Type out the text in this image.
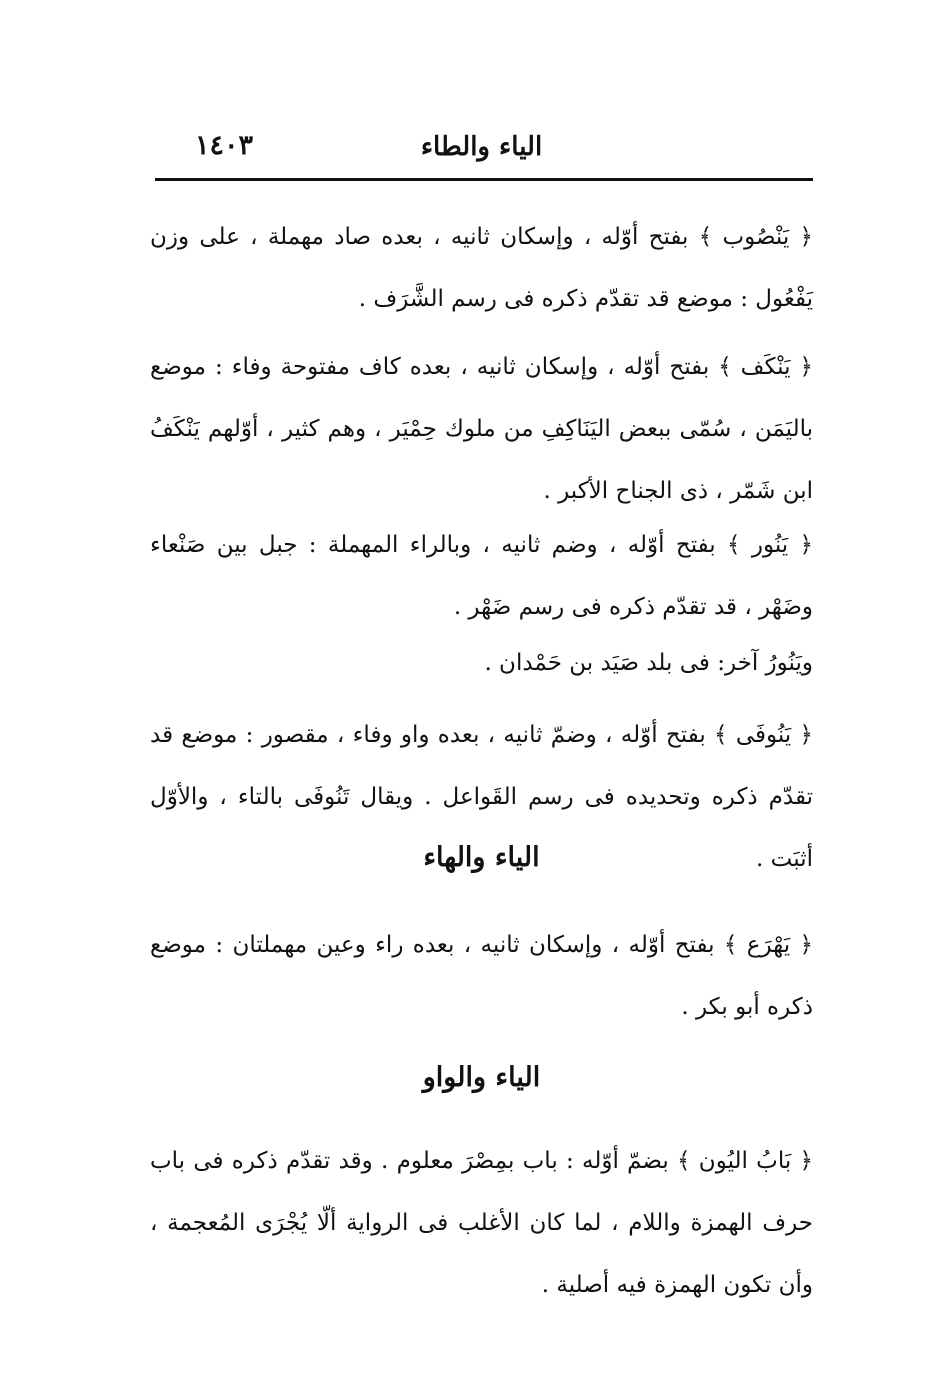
الياء والطاء
١٤٠٣

﴿ يَنْصُوب ﴾ بفتح أوّله ، وإسكان ثانيه ، بعده صاد مهملة ، على وزن يَفْعُول : موضع قد تقدّم ذكره فى رسم الشَّرَف .

﴿ يَنْكَف ﴾ بفتح أوّله ، وإسكان ثانيه ، بعده كاف مفتوحة وفاء : موضع باليَمَن ، سُمّى ببعض اليَنَاكِفِ من ملوك حِمْيَر ، وهم كثير ، أوّلهم يَنْكَفُ ابن شَمّر ، ذى الجناح الأكبر .

﴿ يَنُور ﴾ بفتح أوّله ، وضم ثانيه ، وبالراء المهملة : جبل بين صَنْعاء وضَهْر ، قد تقدّم ذكره فى رسم ضَهْر .

ويَنُورُ آخر: فى بلد صَيَد بن حَمْدان .

﴿ يَنُوفَى ﴾ بفتح أوّله ، وضمّ ثانيه ، بعده واو وفاء ، مقصور : موضع قد تقدّم ذكره وتحديده فى رسم القَواعل . ويقال تَنُوفَى بالتاء ، والأوّل أثبَت .

الياء والهاء

﴿ يَهْرَع ﴾ بفتح أوّله ، وإسكان ثانيه ، بعده راء وعين مهملتان : موضع ذكره أبو بكر .

الياء والواو

﴿ بَابُ اليُون ﴾ بضمّ أوّله : باب بمِصْرَ معلوم . وقد تقدّم ذكره فى باب حرف الهمزة واللام ، لما كان الأغلب فى الرواية ألّا يُجْرَى المُعجمة ، وأن تكون الهمزة فيه أصلية .
